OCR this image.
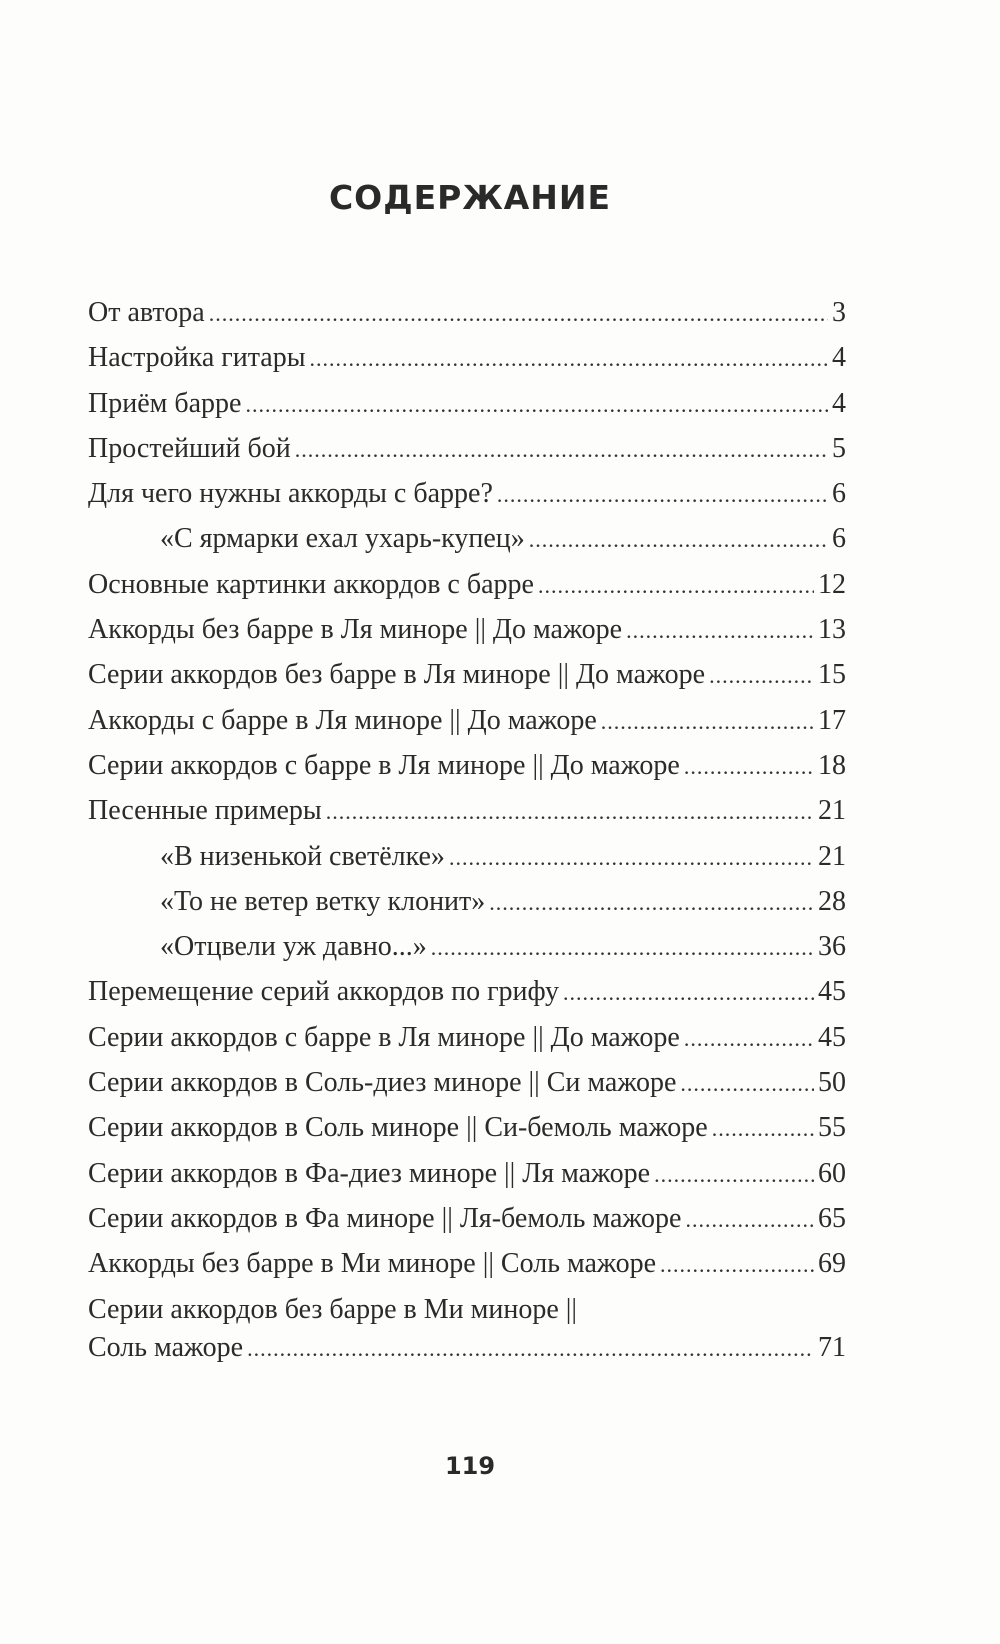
СОДЕРЖАНИЕ
От автора .....	3
Настройка гитары .....	4
Приём барре .....	4
Простейший бой .....	5
Для чего нужны аккорды с барре? .....	6
«С ярмарки ехал ухарь-купец» .....	6
Основные картинки аккордов с барре .....	12
Аккорды без барре в Ля миноре || До мажоре .....	13
Серии аккордов без барре в Ля миноре || До мажоре .....	15
Аккорды с барре в Ля миноре || До мажоре .....	17
Серии аккордов с барре в Ля миноре || До мажоре .....	18
Песенные примеры .....	21
«В низенькой светёлке» .....	21
«То не ветер ветку клонит» .....	28
«Отцвели уж давно...» .....	36
Перемещение серий аккордов по грифу .....	45
Серии аккордов с барре в Ля миноре || До мажоре .....	45
Серии аккордов в Соль-диез миноре || Си мажоре .....	50
Серии аккордов в Соль миноре || Си-бемоль мажоре .....	55
Серии аккордов в Фа-диез миноре || Ля мажоре .....	60
Серии аккордов в Фа миноре || Ля-бемоль мажоре .....	65
Аккорды без барре в Ми миноре || Соль мажоре .....	69
Серии аккордов без барре в Ми миноре ||
Соль мажоре .....	71
119
